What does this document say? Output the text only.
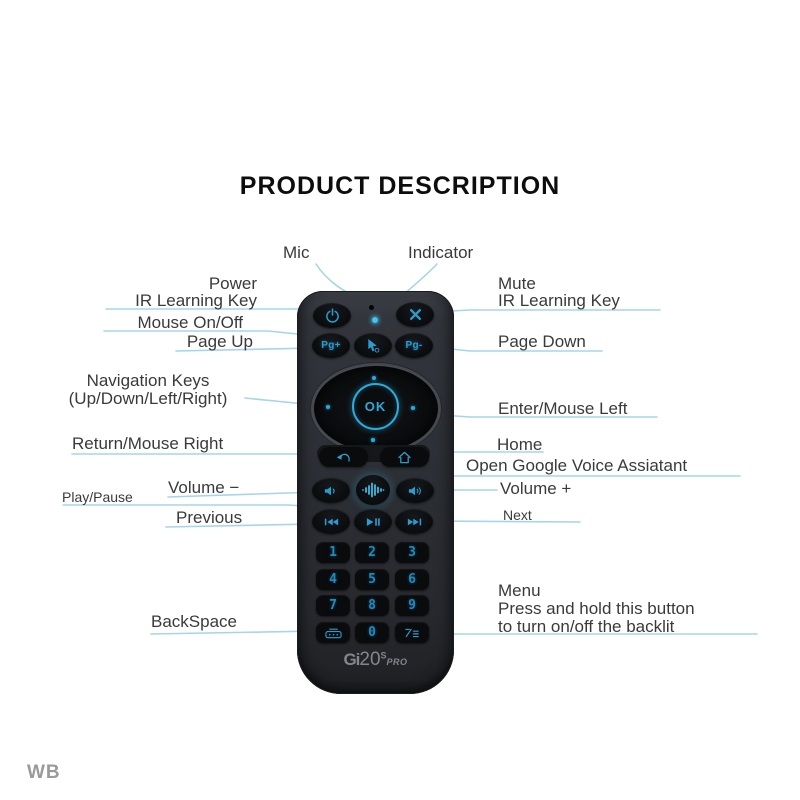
PRODUCT DESCRIPTION
Mic	Indicator
Power
IR Learning Key
Mouse On/Off
Page Up
Navigation Keys
(Up/Down/Left/Right)
Return/Mouse Right
Play/Pause Volume −
Previous
BackSpace
Mute
IR Learning Key
Page Down
Enter/Mouse Left
Home
Open Google Voice Assiatant
Volume +
Next
Menu
Press and hold this button
to turn on/off the backlit
Pg+	Pg-
OK
1 2 3
4 5 6
7 8 9
0
$Gi20^SPRO$
WB
